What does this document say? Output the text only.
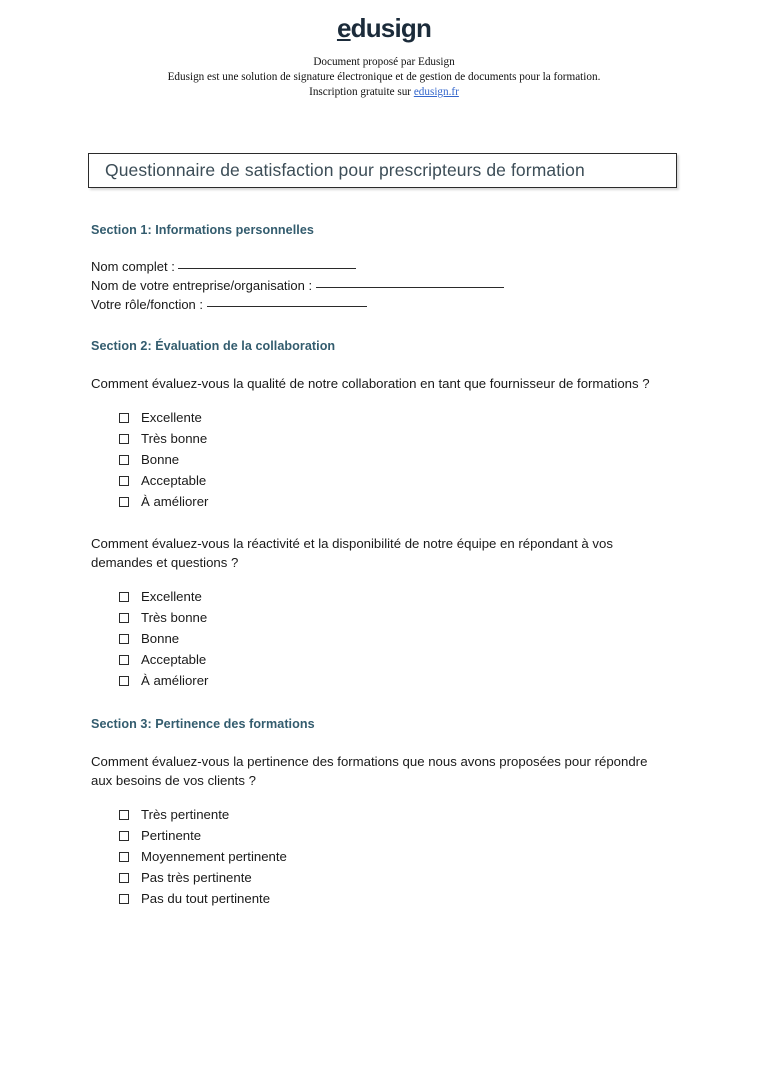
edusign
Document proposé par Edusign
Edusign est une solution de signature électronique et de gestion de documents pour la formation.
Inscription gratuite sur edusign.fr
Questionnaire de satisfaction pour prescripteurs de formation
Section 1: Informations personnelles
Nom complet :
Nom de votre entreprise/organisation :
Votre rôle/fonction :
Section 2: Évaluation de la collaboration
Comment évaluez-vous la qualité de notre collaboration en tant que fournisseur de formations ?
Excellente
Très bonne
Bonne
Acceptable
À améliorer
Comment évaluez-vous la réactivité et la disponibilité de notre équipe en répondant à vos demandes et questions ?
Excellente
Très bonne
Bonne
Acceptable
À améliorer
Section 3: Pertinence des formations
Comment évaluez-vous la pertinence des formations que nous avons proposées pour répondre aux besoins de vos clients ?
Très pertinente
Pertinente
Moyennement pertinente
Pas très pertinente
Pas du tout pertinente
